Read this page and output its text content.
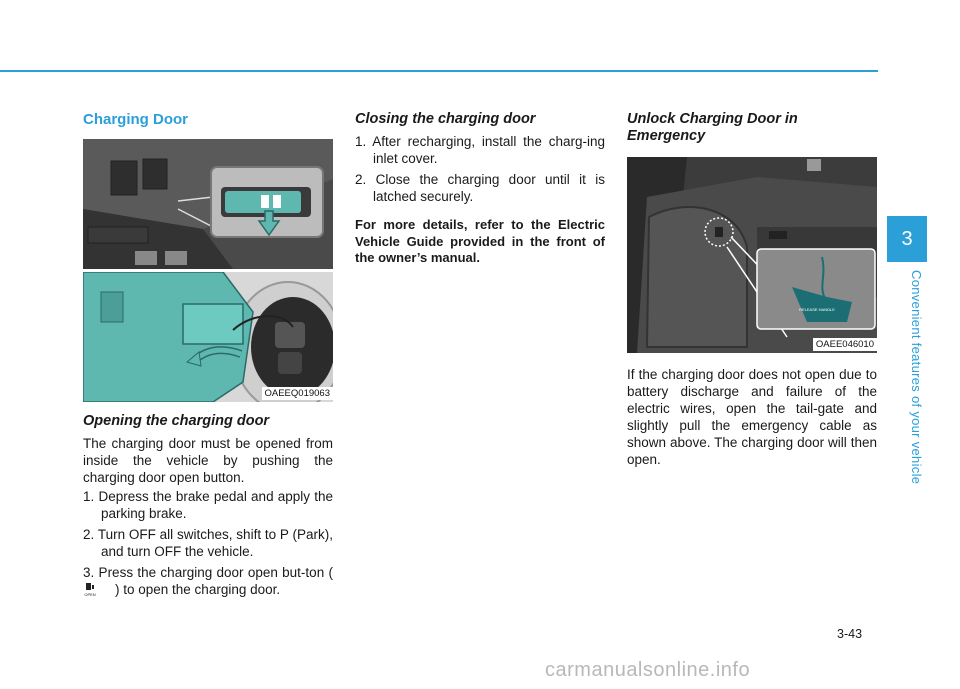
Charging Door
OAEEQ019063
Opening the charging door
The charging door must be opened from inside the vehicle by pushing the charging door open button.
1. Depress the brake pedal and apply the parking brake.
2. Turn OFF all switches, shift to P (Park), and turn OFF the vehicle.
3. Press the charging door open but-ton (
OPEN ) to open the charging door.
Closing the charging door
1. After recharging, install the charg-ing inlet cover.
2. Close the charging door until it is latched securely.
For more details, refer to the Electric Vehicle Guide provided in the front of the owner’s manual.
Unlock Charging Door in Emergency
RELEASE HANDLE
OAEE046010
If the charging door does not open due to battery discharge and failure of the electric wires, open the tail-gate and slightly pull the emergency cable as shown above. The charging door will then open.
3
Convenient features of your vehicle
3-43
carmanualsonline.info
